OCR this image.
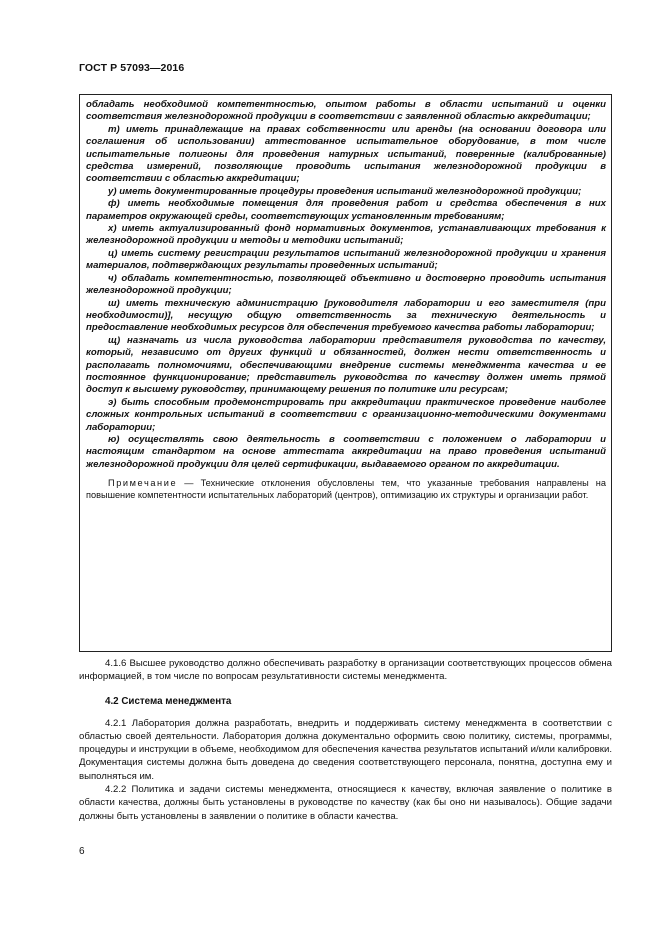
ГОСТ Р 57093—2016

обладать необходимой компетентностью, опытом работы в области испытаний и оценки соответствия железнодорожной продукции в соответствии с заявленной областью аккредитации;

т) иметь принадлежащие на правах собственности или аренды (на основании договора или соглашения об использовании) аттестованное испытательное оборудование, в том числе испытательные полигоны для проведения натурных испытаний, поверенные (калиброванные) средства измерений, позволяющие проводить испытания железнодорожной продукции в соответствии с областью аккредитации;

у) иметь документированные процедуры проведения испытаний железнодорожной продукции;

ф) иметь необходимые помещения для проведения работ и средства обеспечения в них параметров окружающей среды, соответствующих установленным требованиям;

х) иметь актуализированный фонд нормативных документов, устанавливающих требования к железнодорожной продукции и методы и методики испытаний;

ц) иметь систему регистрации результатов испытаний железнодорожной продукции и хранения материалов, подтверждающих результаты проведенных испытаний;

ч) обладать компетентностью, позволяющей объективно и достоверно проводить испытания железнодорожной продукции;

ш) иметь техническую администрацию [руководителя лаборатории и его заместителя (при необходимости)], несущую общую ответственность за техническую деятельность и предоставление необходимых ресурсов для обеспечения требуемого качества работы лаборатории;

щ) назначать из числа руководства лаборатории представителя руководства по качеству, который, независимо от других функций и обязанностей, должен нести ответственность и располагать полномочиями, обеспечивающими внедрение системы менеджмента качества и ее постоянное функционирование; представитель руководства по качеству должен иметь прямой доступ к высшему руководству, принимающему решения по политике или ресурсам;

э) быть способным продемонстрировать при аккредитации практическое проведение наиболее сложных контрольных испытаний в соответствии с организационно-методическими документами лаборатории;

ю) осуществлять свою деятельность в соответствии с положением о лаборатории и настоящим стандартом на основе аттестата аккредитации на право проведения испытаний железнодорожной продукции для целей сертификации, выдаваемого органом по аккредитации.

Примечание — Технические отклонения обусловлены тем, что указанные требования направлены на повышение компетентности испытательных лабораторий (центров), оптимизацию их структуры и организации работ.

4.1.6 Высшее руководство должно обеспечивать разработку в организации соответствующих процессов обмена информацией, в том числе по вопросам результативности системы менеджмента.

4.2 Система менеджмента

4.2.1 Лаборатория должна разработать, внедрить и поддерживать систему менеджмента в соответствии с областью своей деятельности. Лаборатория должна документально оформить свою политику, системы, программы, процедуры и инструкции в объеме, необходимом для обеспечения качества результатов испытаний и/или калибровки. Документация системы должна быть доведена до сведения соответствующего персонала, понятна, доступна ему и выполняться им.

4.2.2 Политика и задачи системы менеджмента, относящиеся к качеству, включая заявление о политике в области качества, должны быть установлены в руководстве по качеству (как бы оно ни называлось). Общие задачи должны быть установлены в заявлении о политике в области качества.

6
